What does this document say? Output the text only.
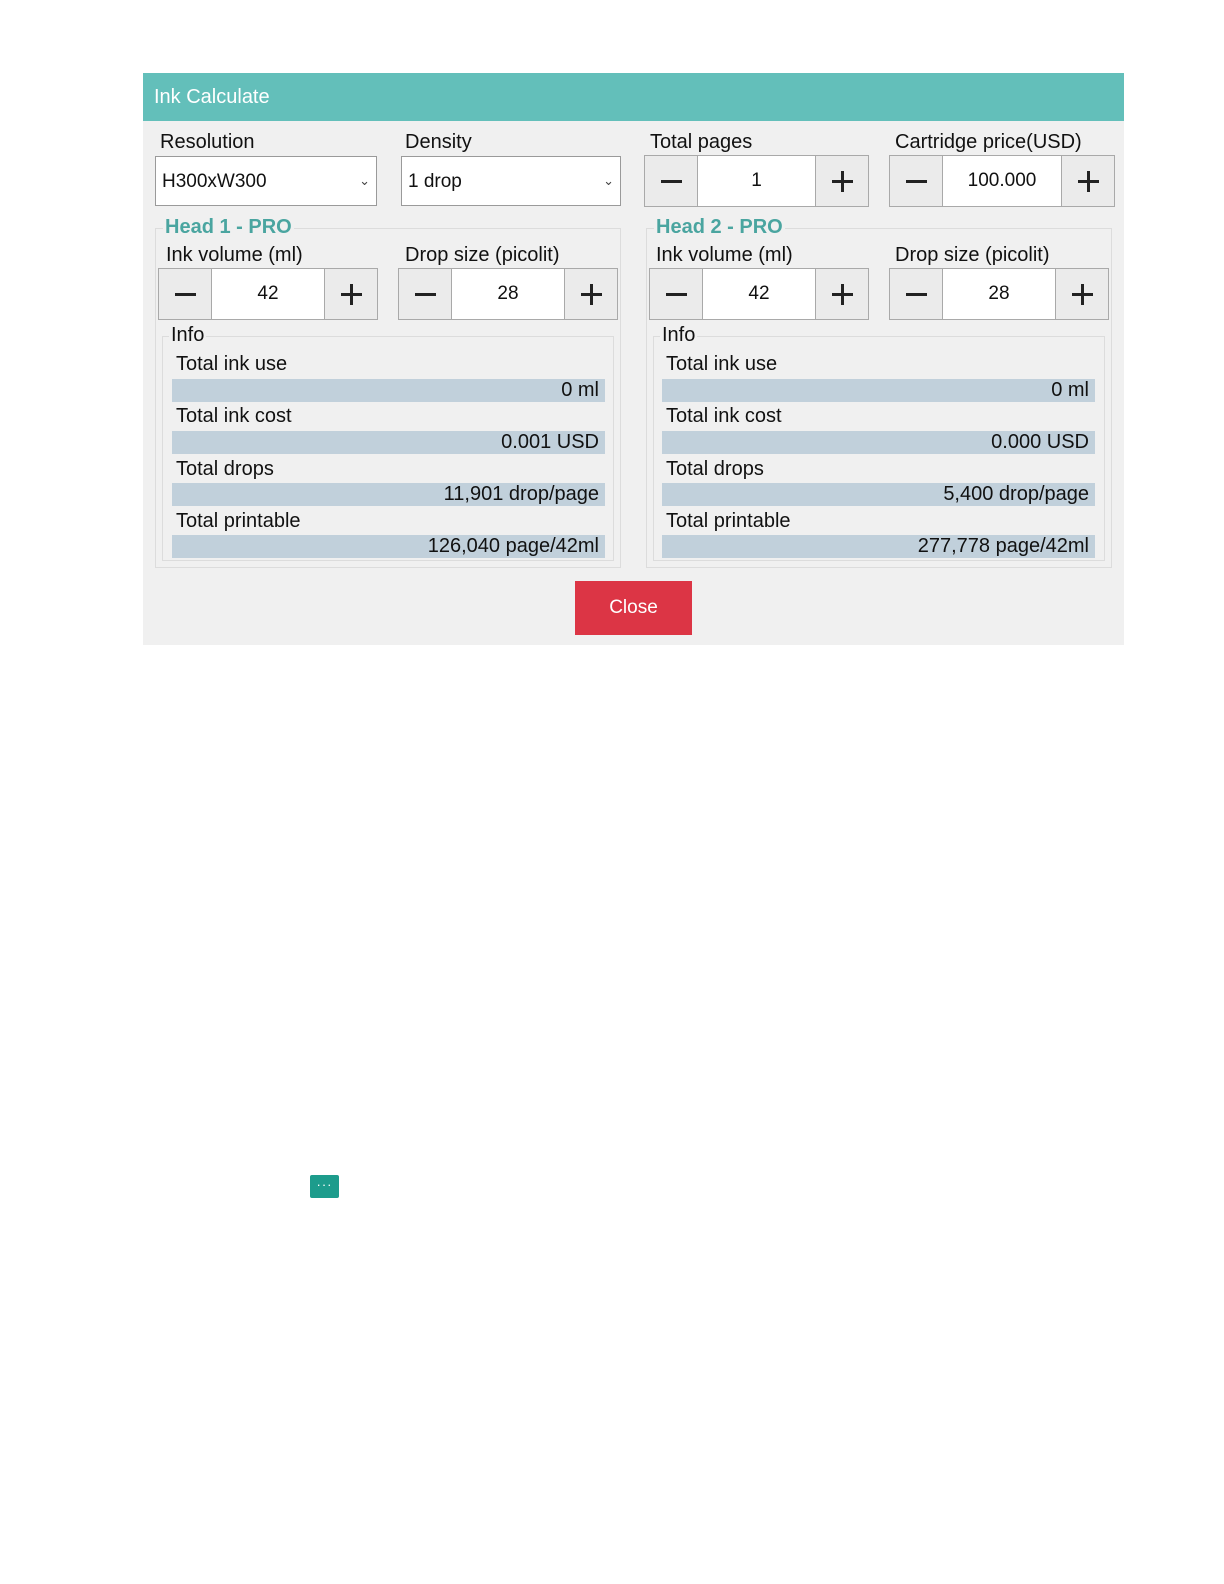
Ink Calculate
Resolution
H300xW300	⌄
Density
1 drop	⌄
Total pages
1
Cartridge price(USD)
100.000
Head 1 - PRO
Ink volume (ml)
42
Drop size (picolit)
28
Info
Total ink use
0 ml
Total ink cost
0.001 USD
Total drops
11,901 drop/page
Total printable
126,040 page/42ml
Head 2 - PRO
Ink volume (ml)
42
Drop size (picolit)
28
Info
Total ink use
0 ml
Total ink cost
0.000 USD
Total drops
5,400 drop/page
Total printable
277,778 page/42ml
Close
···
